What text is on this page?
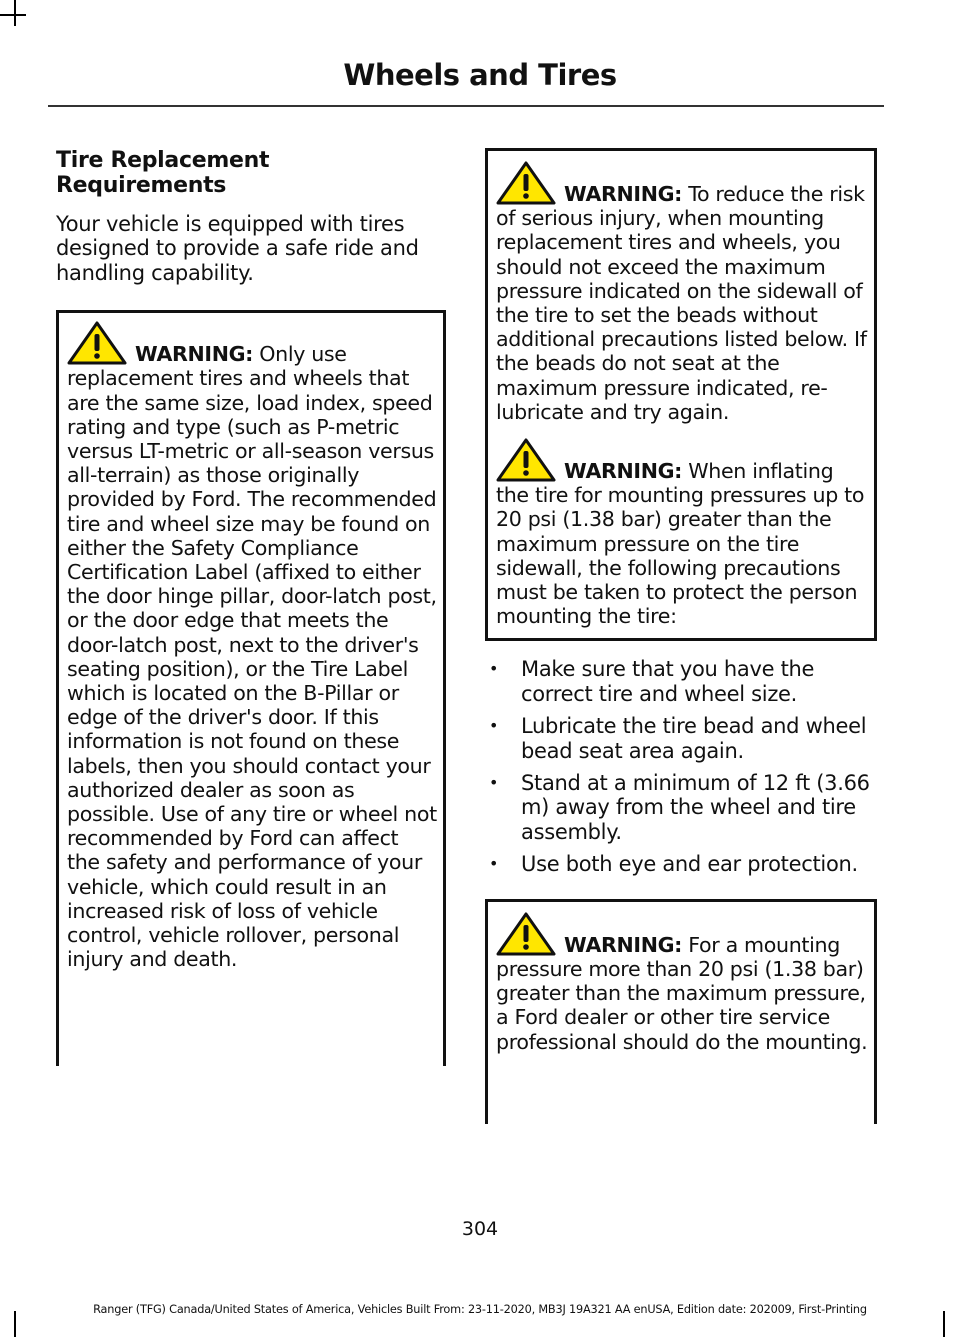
Wheels and Tires
Tire Replacement Requirements

Your vehicle is equipped with tires designed to provide a safe ride and handling capability.

WARNING: Only use replacement tires and wheels that are the same size, load index, speed rating and type (such as P-metric versus LT-metric or all-season versus all-terrain) as those originally provided by Ford. The recommended tire and wheel size may be found on either the Safety Compliance Certification Label (affixed to either the door hinge pillar, door-latch post, or the door edge that meets the door-latch post, next to the driver's seating position), or the Tire Label which is located on the B-Pillar or edge of the driver's door. If this information is not found on these labels, then you should contact your authorized dealer as soon as possible. Use of any tire or wheel not recommended by Ford can affect the safety and performance of your vehicle, which could result in an increased risk of loss of vehicle control, vehicle rollover, personal injury and death.

WARNING: To reduce the risk of serious injury, when mounting replacement tires and wheels, you should not exceed the maximum pressure indicated on the sidewall of the tire to set the beads without additional precautions listed below. If the beads do not seat at the maximum pressure indicated, re-lubricate and try again.

WARNING: When inflating the tire for mounting pressures up to 20 psi (1.38 bar) greater than the maximum pressure on the tire sidewall, the following precautions must be taken to protect the person mounting the tire:

• Make sure that you have the correct tire and wheel size.
• Lubricate the tire bead and wheel bead seat area again.
• Stand at a minimum of 12 ft (3.66 m) away from the wheel and tire assembly.
• Use both eye and ear protection.

WARNING: For a mounting pressure more than 20 psi (1.38 bar) greater than the maximum pressure, a Ford dealer or other tire service professional should do the mounting.

304
Ranger (TFG) Canada/United States of America, Vehicles Built From: 23-11-2020, MB3J 19A321 AA enUSA, Edition date: 202009, First-Printing
